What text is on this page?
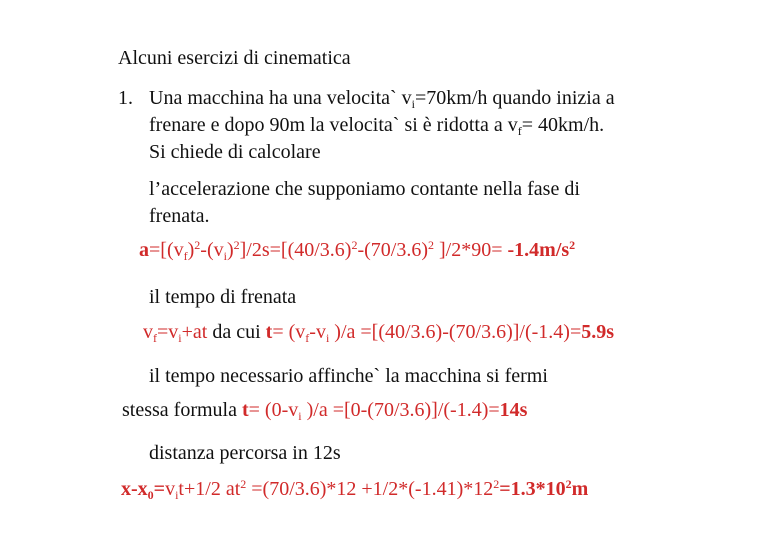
Alcuni esercizi di cinematica
1. Una macchina ha una velocita` $v_i=70km/h$ quando inizia a
frenare e dopo 90m la velocita` si è ridotta a $v_f= 40km/h$.
Si chiede di calcolare
l’accelerazione che supponiamo contante nella fase di
frenata.
$a=[(v_f)^2-(v_i)^2]/2s=[(40/3.6)^2-(70/3.6)^2$ ]$/2*90= -1.4m/s^2$
il tempo di frenata
$v_f=v_i+at$ da cui $t= (v_f-v_i$ )/a =[(40/3.6)-(70/3.6)]/(-1.4)=5.9s
il tempo necessario affinche` la macchina si fermi
stessa formula $t= (0-v_i$ )/a =[0-(70/3.6)]/(-1.4)=14s
distanza percorsa in 12s
$x-x_0=v_it+1/2$ $at^2 =(70/3.6)*12 +1/2*(-1.41)*12^2=1.3*10^2m$
